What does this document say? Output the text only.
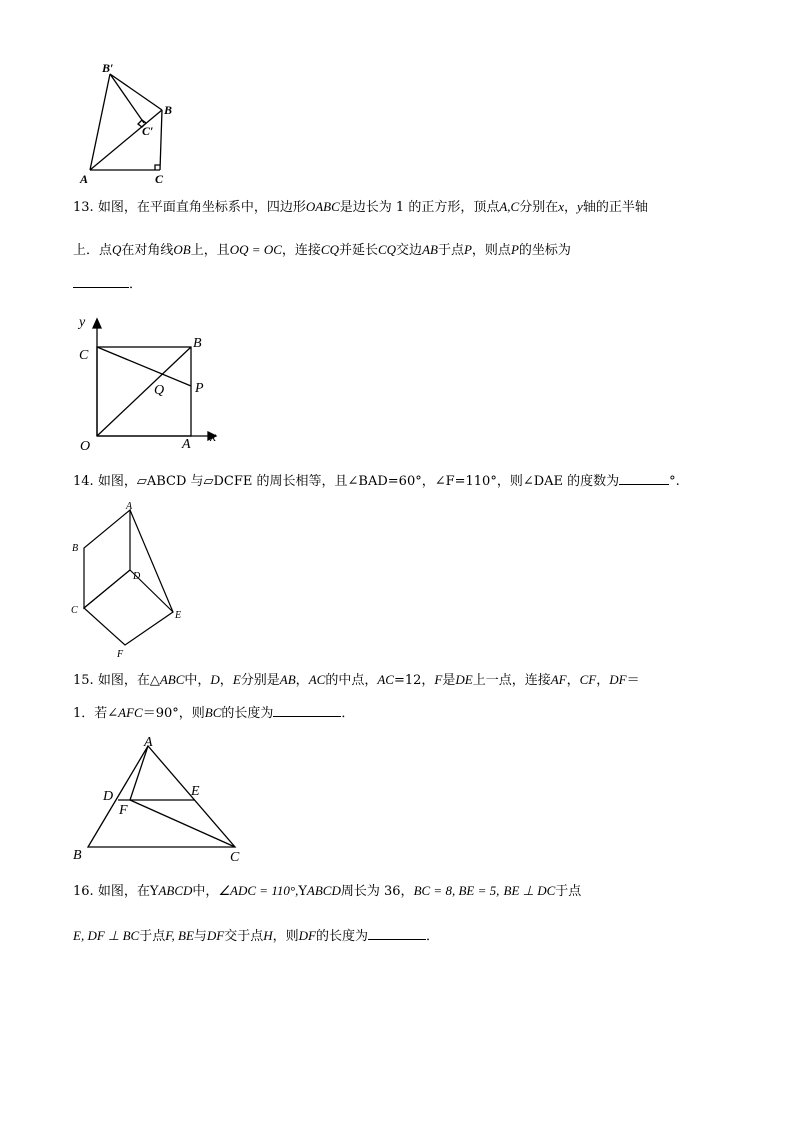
B′
B
C′
A	C
13. 如图，在平面直角坐标系中，四边形OABC是边长为 1 的正方形，顶点A,C分别在x，y轴的正半轴
上．点Q在对角线OB上，且OQ = OC，连接CQ并延长CQ交边AB于点P，则点P的坐标为
．
y
C
B
P
Q
O	A x
14. 如图，▱ABCD 与▱DCFE 的周长相等，且∠BAD=60°，∠F=110°，则∠DAE 的度数为	°.
A
B
D
C	E
F
15. 如图，在△ABC中，D，E分别是AB，AC的中点，AC=12，F是DE上一点，连接AF，CF，DF＝
1．若∠AFC＝90°，则BC的长度为	．
A
D	E
F
B	C
16. 如图，在YABCD中，∠ADC = 110°,YABCD周长为 36，BC = 8, BE = 5, BE ⊥ DC于点
E, DF ⊥ BC于点F, BE与DF交于点H，则DF的长度为	．
